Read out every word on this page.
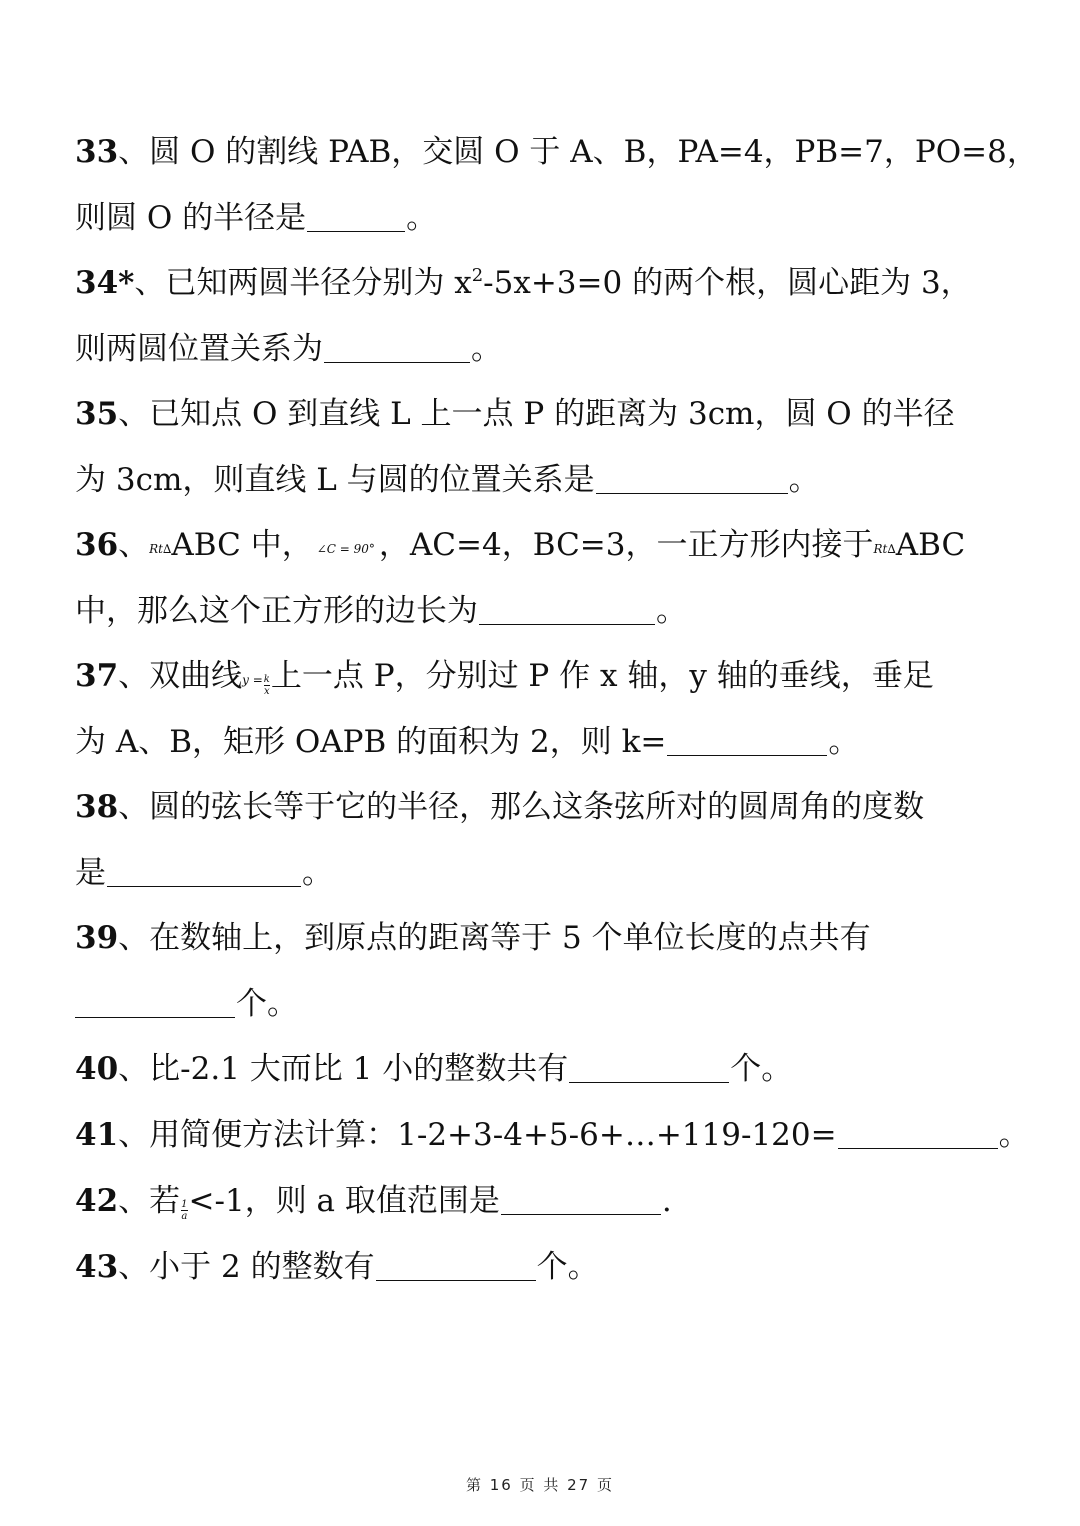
33、圆 O 的割线 PAB，交圆 O 于 A、B，PA=4，PB=7，PO=8，
则圆 O 的半径是	。
34*、已知两圆半径分别为 $x^2-5x+3=0$ 的两个根，圆心距为 3，
则两圆位置关系为	。
35、已知点 O 到直线 L 上一点 P 的距离为 3cm，圆 O 的半径
为 3cm，则直线 L 与圆的位置关系是	。
36、Rt∆ABC 中， ∠C = 90° ，AC=4，BC=3，一正方形内接于Rt∆ABC
中，那么这个正方形的边长为	。
37、双曲线$y = \frac{k}{x}$ 上一点 P，分别过 P 作 x 轴，y 轴的垂线，垂足
为 A、B，矩形 OAPB 的面积为 2，则 k=	。
38、圆的弦长等于它的半径，那么这条弦所对的圆周角的度数
是	。
39、在数轴上，到原点的距离等于 5 个单位长度的点共有
个。
40、比-2.1 大而比 1 小的整数共有	个。
41、用简便方法计算：1-2+3-4+5-6+…+119-120=	。
42、若 $\frac{1}{a} <-1$，则 a 取值范围是	.
43、小于 2 的整数有	个。
第 16 页 共 27 页
